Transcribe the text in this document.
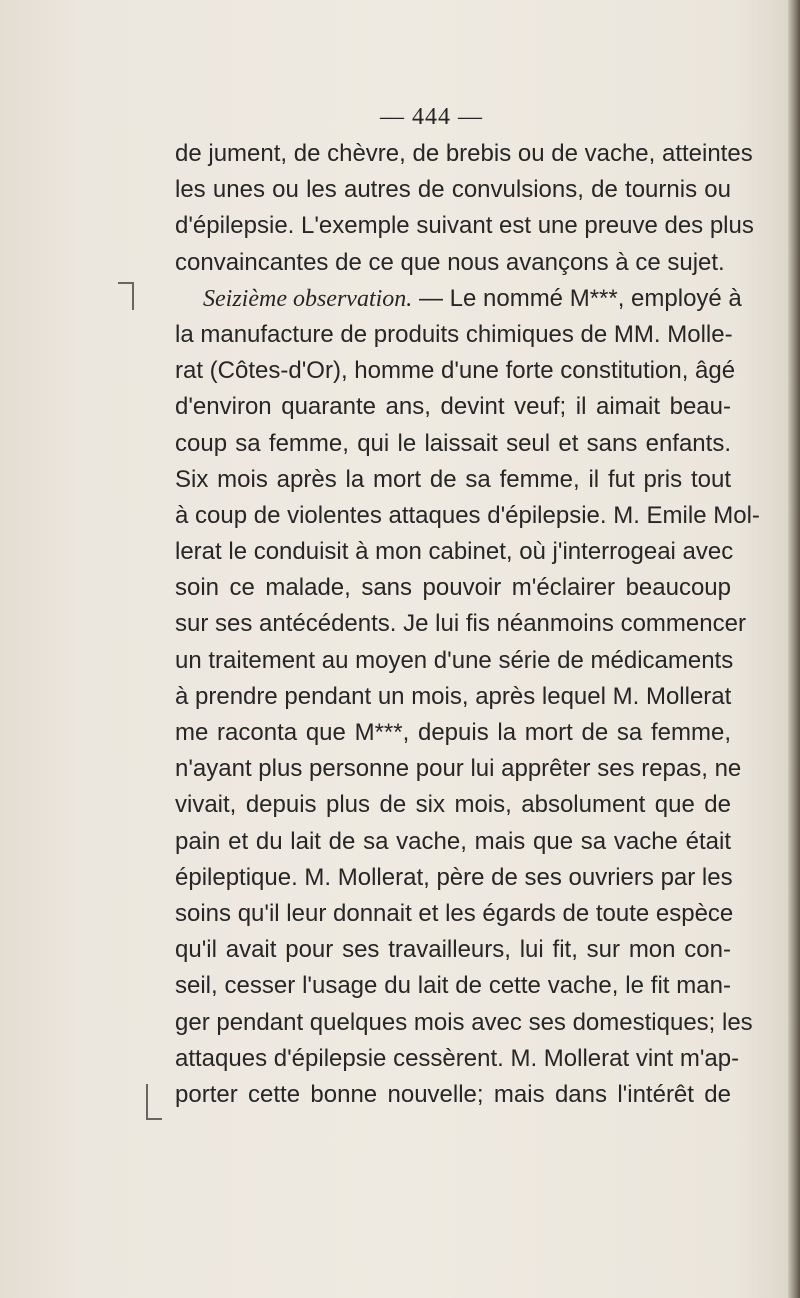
— 444 —
de jument, de chèvre, de brebis ou de vache, atteintes
les unes ou les autres de convulsions, de tournis ou
d'épilepsie. L'exemple suivant est une preuve des plus
convaincantes de ce que nous avançons à ce sujet.
Seizième observation. — Le nommé M***, employé à
la manufacture de produits chimiques de MM. Molle-
rat (Côtes-d'Or), homme d'une forte constitution, âgé
d'environ quarante ans, devint veuf; il aimait beau-
coup sa femme, qui le laissait seul et sans enfants.
Six mois après la mort de sa femme, il fut pris tout
à coup de violentes attaques d'épilepsie. M. Emile Mol-
lerat le conduisit à mon cabinet, où j'interrogeai avec
soin ce malade, sans pouvoir m'éclairer beaucoup
sur ses antécédents. Je lui fis néanmoins commencer
un traitement au moyen d'une série de médicaments
à prendre pendant un mois, après lequel M. Mollerat
me raconta que M***, depuis la mort de sa femme,
n'ayant plus personne pour lui apprêter ses repas, ne
vivait, depuis plus de six mois, absolument que de
pain et du lait de sa vache, mais que sa vache était
épileptique. M. Mollerat, père de ses ouvriers par les
soins qu'il leur donnait et les égards de toute espèce
qu'il avait pour ses travailleurs, lui fit, sur mon con-
seil, cesser l'usage du lait de cette vache, le fit man-
ger pendant quelques mois avec ses domestiques; les
attaques d'épilepsie cessèrent. M. Mollerat vint m'ap-
porter cette bonne nouvelle; mais dans l'intérêt de
